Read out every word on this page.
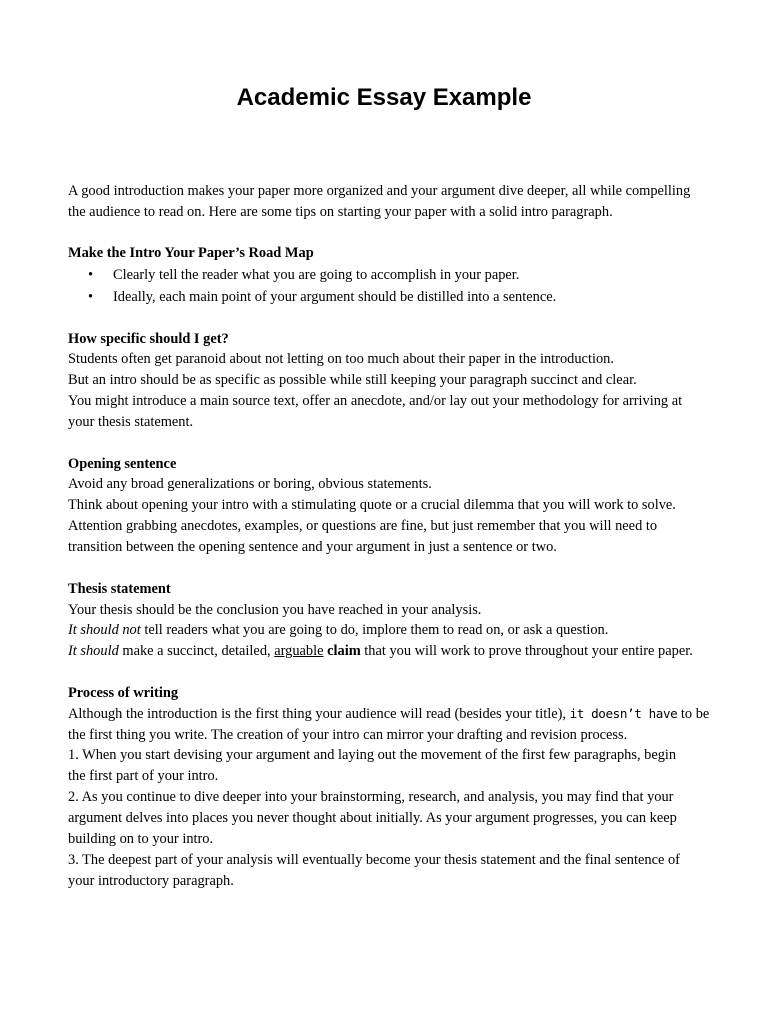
Academic Essay Example

A good introduction makes your paper more organized and your argument dive deeper, all while compelling

the audience to read on. Here are some tips on starting your paper with a solid intro paragraph.

Make the Intro Your Paper’s Road Map

• Clearly tell the reader what you are going to accomplish in your paper.
• Ideally, each main point of your argument should be distilled into a sentence.

How specific should I get?

Students often get paranoid about not letting on too much about their paper in the introduction.

But an intro should be as specific as possible while still keeping your paragraph succinct and clear.

You might introduce a main source text, offer an anecdote, and/or lay out your methodology for arriving at

your thesis statement.

Opening sentence

Avoid any broad generalizations or boring, obvious statements.

Think about opening your intro with a stimulating quote or a crucial dilemma that you will work to solve.

Attention grabbing anecdotes, examples, or questions are fine, but just remember that you will need to

transition between the opening sentence and your argument in just a sentence or two.

Thesis statement

Your thesis should be the conclusion you have reached in your analysis.

It should not tell readers what you are going to do, implore them to read on, or ask a question.

It should make a succinct, detailed, arguable claim that you will work to prove throughout your entire paper.

Process of writing

Although the introduction is the first thing your audience will read (besides your title), it doesn’t have to be

the first thing you write. The creation of your intro can mirror your drafting and revision process.

1. When you start devising your argument and laying out the movement of the first few paragraphs, begin

the first part of your intro.

2. As you continue to dive deeper into your brainstorming, research, and analysis, you may find that your

argument delves into places you never thought about initially. As your argument progresses, you can keep

building on to your intro.

3. The deepest part of your analysis will eventually become your thesis statement and the final sentence of

your introductory paragraph.
